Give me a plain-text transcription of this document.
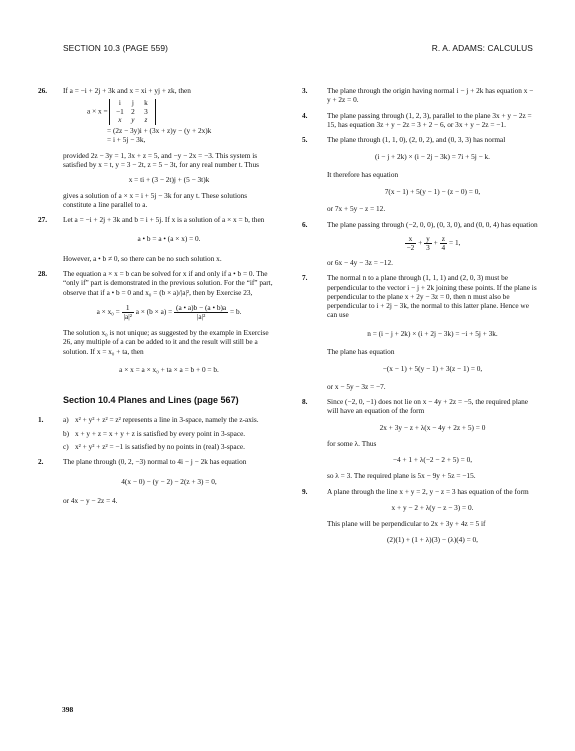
SECTION 10.3 (PAGE 559)	R. A. ADAMS: CALCULUS
26. If a = −i + 2j + 3k and x = xi + yj + zk, then
a × x =
i j k
−1 2 3
x y z
= (2z − 3y)i + (3x + z)y − (y + 2x)k
= i + 5j − 3k,
provided 2z − 3y = 1, 3x + z = 5, and −y − 2x = −3. This system is satisfied by x = t, y = 3 − 2t, z = 5 − 3t, for any real number t. Thus
x = ti + (3 − 2t)j + (5 − 3t)k
gives a solution of a × x = i + 5j − 3k for any t. These solutions constitute a line parallel to a.
27. Let a = −i + 2j + 3k and b = i + 5j. If x is a solution of a × x = b, then
a • b = a • (a × x) = 0.
However, a • b ≠ 0, so there can be no such solution x.
28. The equation a × x = b can be solved for x if and only if a • b = 0. The “only if” part is demonstrated in the previous solution. For the “if” part, observe that if a • b = 0 and x₀ = (b × a)/|a|², then by Exercise 23,
$a \times x_0 = \frac{1}{\text{|a|²}}$ $a \times (b \times a) = \frac{(a • a)b - (a • b)a}{\text{|a|²}} = b$.
The solution x₀ is not unique; as suggested by the example in Exercise 26, any multiple of a can be added to it and the result will still be a solution. If x = x₀ + ta, then
a × x = a × x₀ + ta × a = b + 0 = b.
Section 10.4 Planes and Lines (page 567)
1.	a) x² + y² + z² = z² represents a line in 3-space, namely the z-axis.
b) x + y + z = x + y + z is satisfied by every point in 3-space.
c) x² + y² + z² = −1 is satisfied by no points in (real) 3-space.
2.	The plane through (0, 2, −3) normal to 4i − j − 2k has equation
4(x − 0) − (y − 2) − 2(z + 3) = 0,
or 4x − y − 2z = 4.
3.	The plane through the origin having normal i − j + 2k has equation x − y + 2z = 0.
4.	The plane passing through (1, 2, 3), parallel to the plane 3x + y − 2z = 15, has equation 3z + y − 2z = 3 + 2 − 6, or 3x + y − 2z = −1.
5.	The plane through (1, 1, 0), (2, 0, 2), and (0, 3, 3) has normal
(i − j + 2k) × (i − 2j − 3k) = 7i + 5j − k.
It therefore has equation
7(x − 1) + 5(y − 1) − (z − 0) = 0,
or 7x + 5y − z = 12.
6.	The plane passing through (−2, 0, 0), (0, 3, 0), and (0, 0, 4) has equation
$\frac{x}{-2} + \frac{y}{3} + \frac{z}{4} = 1$,
or 6x − 4y − 3z = −12.
7.	The normal n to a plane through (1, 1, 1) and (2, 0, 3) must be perpendicular to the vector i − j + 2k joining these points. If the plane is perpendicular to the plane x + 2y − 3z = 0, then n must also be perpendicular to i + 2j − 3k, the normal to this latter plane. Hence we can use
n = (i − j + 2k) × (i + 2j − 3k) = −i + 5j + 3k.
The plane has equation
−(x − 1) + 5(y − 1) + 3(z − 1) = 0,
or x − 5y − 3z = −7.
8.	Since (−2, 0, −1) does not lie on x − 4y + 2z = −5, the required plane will have an equation of the form
2x + 3y − z + λ(x − 4y + 2z + 5) = 0
for some λ. Thus
−4 + 1 + λ(−2 − 2 + 5) = 0,
so λ = 3. The required plane is 5x − 9y + 5z = −15.
9.	A plane through the line x + y = 2, y − z = 3 has equation of the form
x + y − 2 + λ(y − z − 3) = 0.
This plane will be perpendicular to 2x + 3y + 4z = 5 if
(2)(1) + (1 + λ)(3) − (λ)(4) = 0,
398
